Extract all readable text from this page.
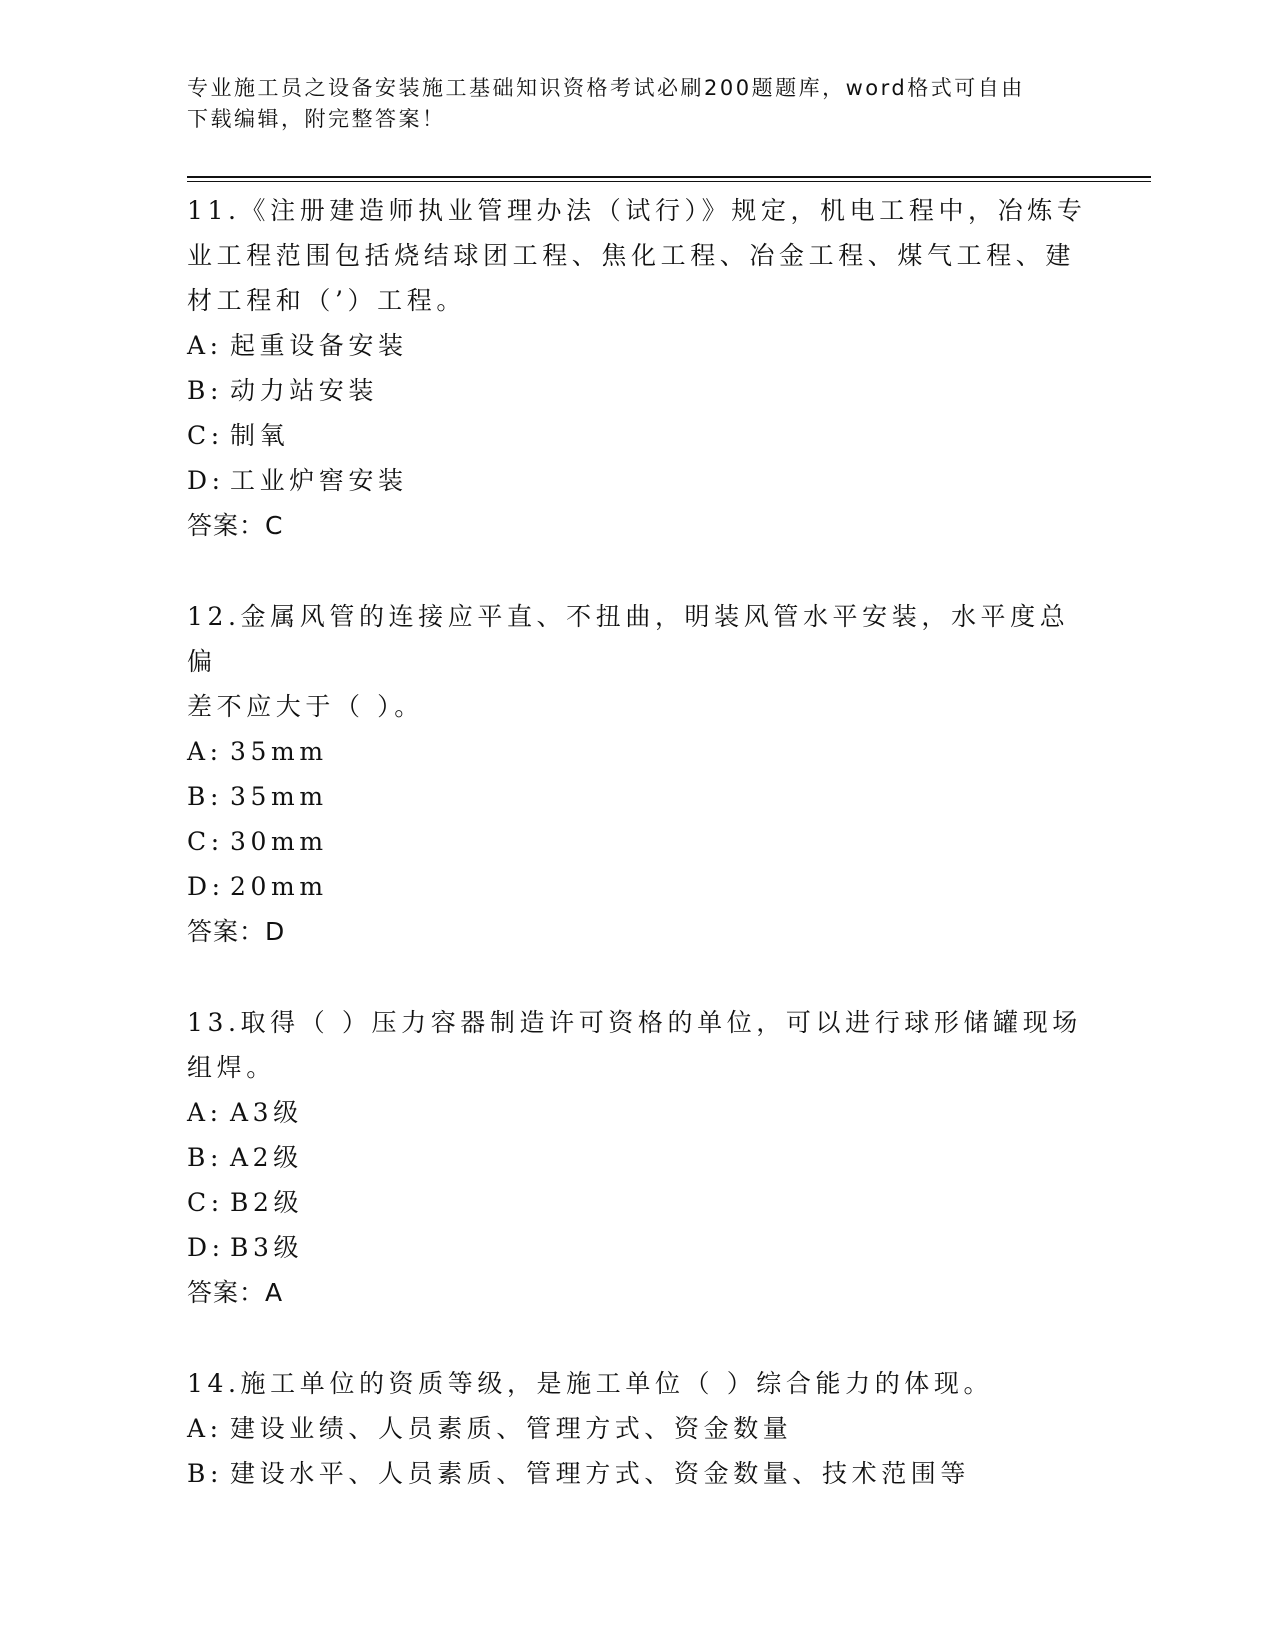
专业施工员之设备安装施工基础知识资格考试必刷200题题库，word格式可自由
下载编辑，附完整答案！
11.《注册建造师执业管理办法（试行）》规定，机电工程中，冶炼专
业工程范围包括烧结球团工程、焦化工程、冶金工程、煤气工程、建
材工程和（’）工程。
A: 起重设备安装
B: 动力站安装
C: 制氧
D: 工业炉窖安装
答案：C
12.金属风管的连接应平直、不扭曲，明装风管水平安装，水平度总偏
差不应大于（ ）。
A: 35mm
B: 35mm
C: 30mm
D: 20mm
答案：D
13.取得（ ）压力容器制造许可资格的单位，可以进行球形储罐现场
组焊。
A: A3级
B: A2级
C: B2级
D: B3级
答案：A
14.施工单位的资质等级，是施工单位（ ）综合能力的体现。
A: 建设业绩、人员素质、管理方式、资金数量
B: 建设水平、人员素质、管理方式、资金数量、技术范围等
